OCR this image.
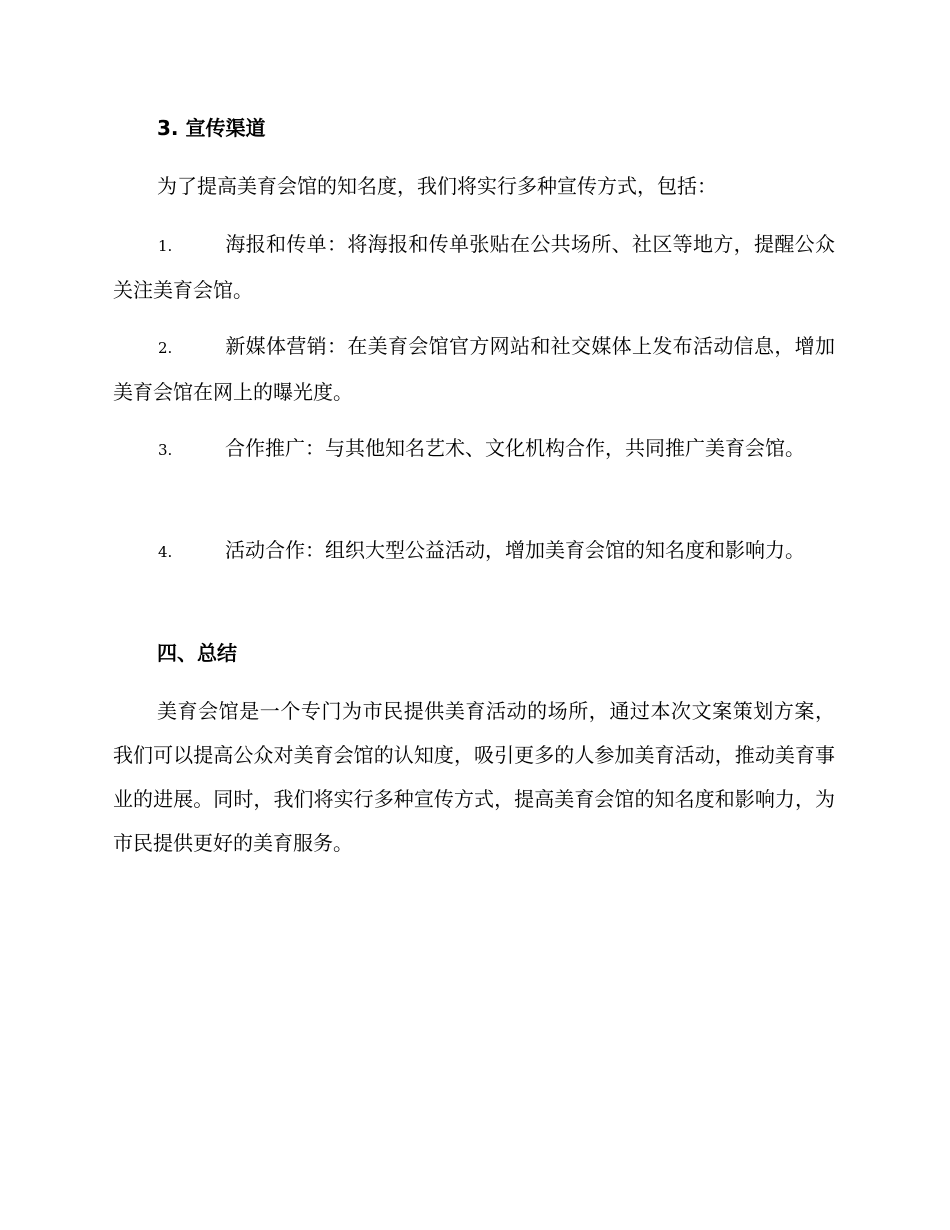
3. 宣传渠道
为了提高美育会馆的知名度，我们将实行多种宣传方式，包括：
1.	海报和传单：将海报和传单张贴在公共场所、社区等地方，提醒公众关注美育会馆。
2.	新媒体营销：在美育会馆官方网站和社交媒体上发布活动信息，增加美育会馆在网上的曝光度。
3.	合作推广：与其他知名艺术、文化机构合作，共同推广美育会馆。
4.	活动合作：组织大型公益活动，增加美育会馆的知名度和影响力。
四、总结
美育会馆是一个专门为市民提供美育活动的场所，通过本次文案策划方案，我们可以提高公众对美育会馆的认知度，吸引更多的人参加美育活动，推动美育事业的进展。同时，我们将实行多种宣传方式，提高美育会馆的知名度和影响力，为市民提供更好的美育服务。
